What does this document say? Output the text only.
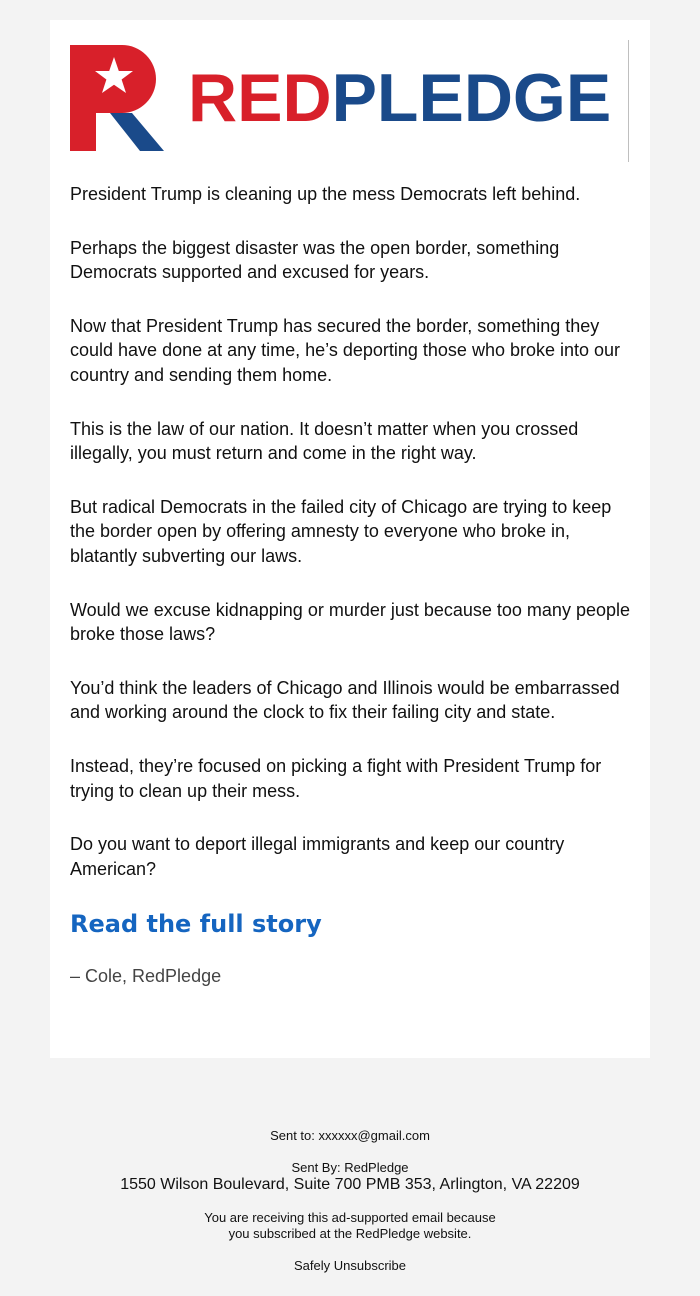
REDPLEDGE

President Trump is cleaning up the mess Democrats left behind.

Perhaps the biggest disaster was the open border, something Democrats supported and excused for years.

Now that President Trump has secured the border, something they could have done at any time, he’s deporting those who broke into our country and sending them home.

This is the law of our nation. It doesn’t matter when you crossed illegally, you must return and come in the right way.

But radical Democrats in the failed city of Chicago are trying to keep the border open by offering amnesty to everyone who broke in, blatantly subverting our laws.

Would we excuse kidnapping or murder just because too many people broke those laws?

You’d think the leaders of Chicago and Illinois would be embarrassed and working around the clock to fix their failing city and state.

Instead, they’re focused on picking a fight with President Trump for trying to clean up their mess.

Do you want to deport illegal immigrants and keep our country American?

Read the full story
– Cole, RedPledge
Sent to: xxxxxx@gmail.com
Sent By: RedPledge
1550 Wilson Boulevard, Suite 700 PMB 353, Arlington, VA 22209
You are receiving this ad-supported email because
you subscribed at the RedPledge website.
Safely Unsubscribe
